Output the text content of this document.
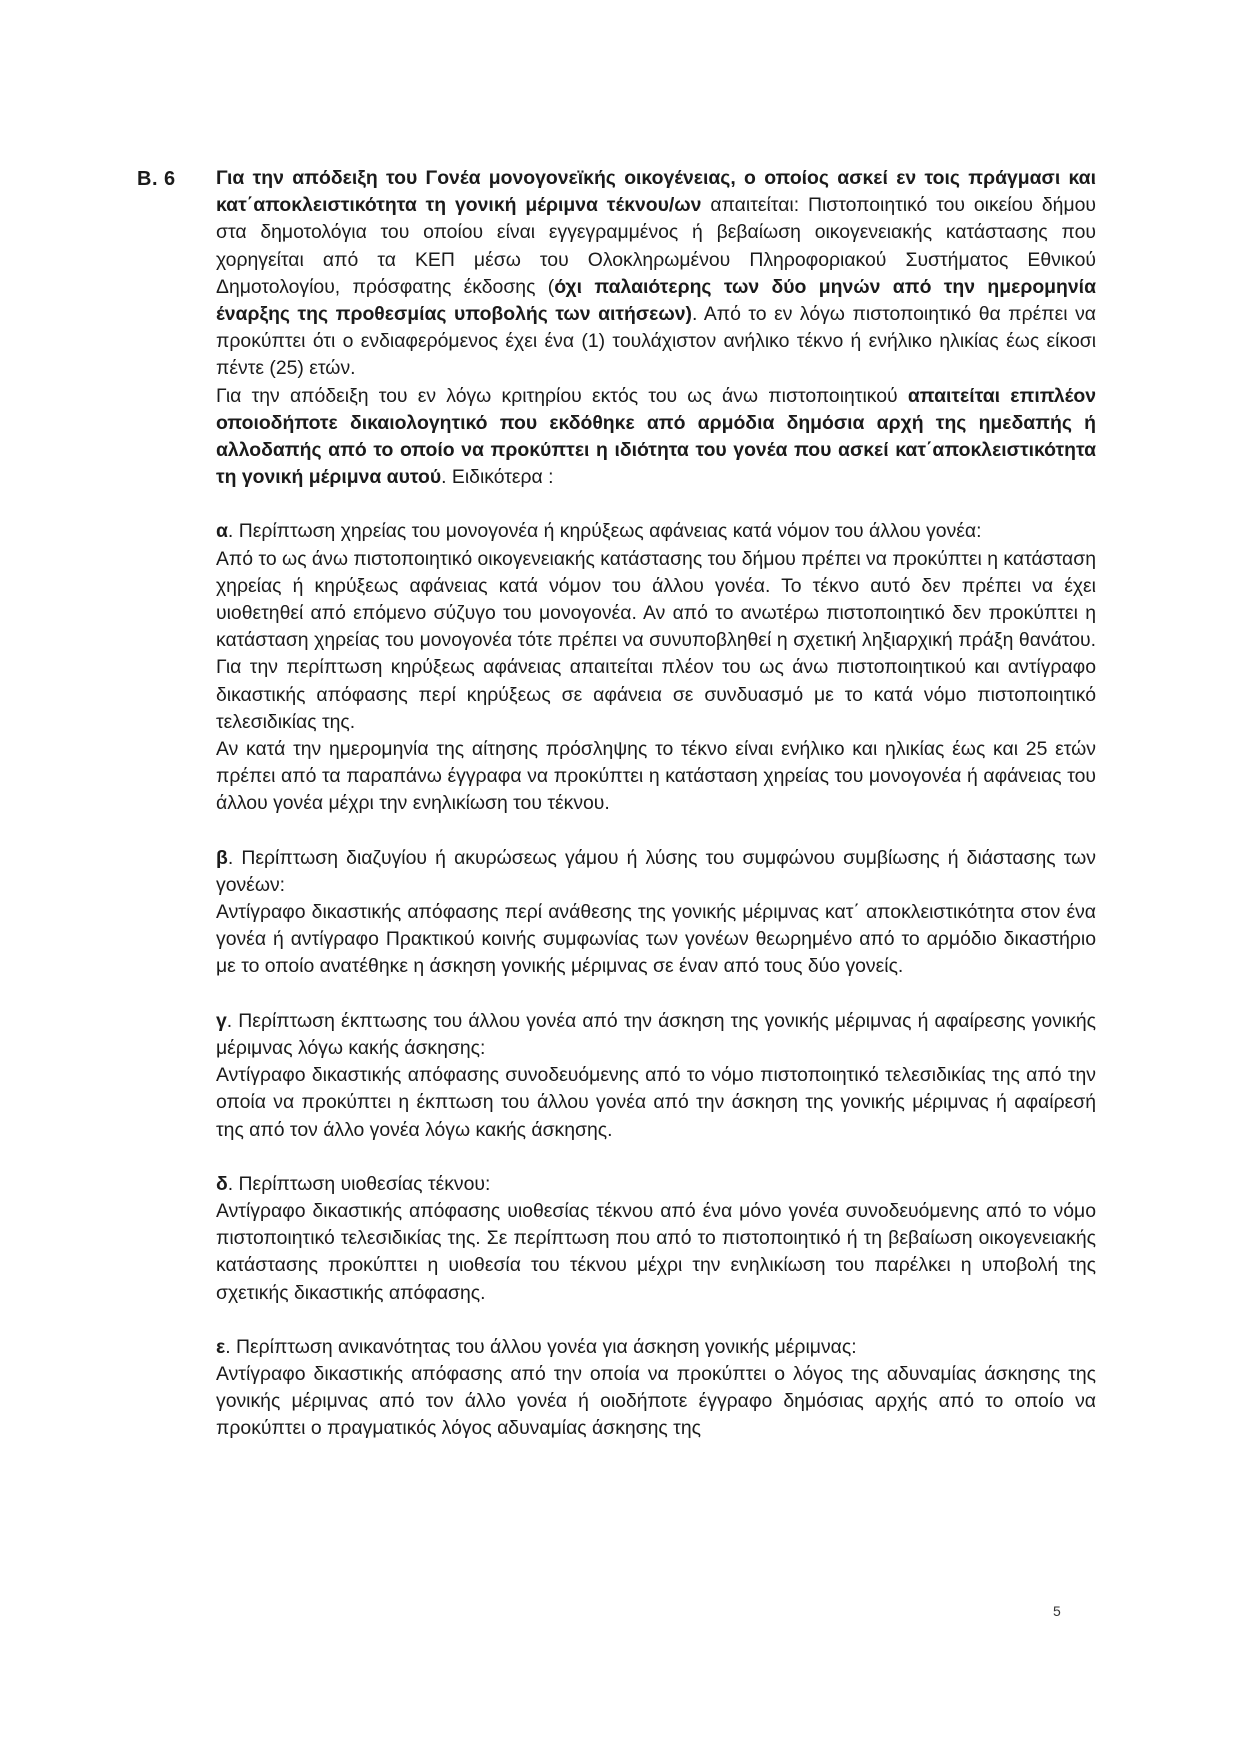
B. 6 Για την απόδειξη του Γονέα μονογονεϊκής οικογένειας, ο οποίος ασκεί εν τοις πράγμασι και κατ΄αποκλειστικότητα τη γονική μέριμνα τέκνου/ων απαιτείται: Πιστοποιητικό του οικείου δήμου στα δημοτολόγια του οποίου είναι εγγεγραμμένος ή βεβαίωση οικογενειακής κατάστασης που χορηγείται από τα ΚΕΠ μέσω του Ολοκληρωμένου Πληροφοριακού Συστήματος Εθνικού Δημοτολογίου, πρόσφατης έκδοσης (όχι παλαιότερης των δύο μηνών από την ημερομηνία έναρξης της προθεσμίας υποβολής των αιτήσεων). Από το εν λόγω πιστοποιητικό θα πρέπει να προκύπτει ότι ο ενδιαφερόμενος έχει ένα (1) τουλάχιστον ανήλικο τέκνο ή ενήλικο ηλικίας έως είκοσι πέντε (25) ετών.

Για την απόδειξη του εν λόγω κριτηρίου εκτός του ως άνω πιστοποιητικού απαιτείται επιπλέον οποιοδήποτε δικαιολογητικό που εκδόθηκε από αρμόδια δημόσια αρχή της ημεδαπής ή αλλοδαπής από το οποίο να προκύπτει η ιδιότητα του γονέα που ασκεί κατ΄αποκλειστικότητα τη γονική μέριμνα αυτού. Ειδικότερα :

α. Περίπτωση χηρείας του μονογονέα ή κηρύξεως αφάνειας κατά νόμον του άλλου γονέα:

Από το ως άνω πιστοποιητικό οικογενειακής κατάστασης του δήμου πρέπει να προκύπτει η κατάσταση χηρείας ή κηρύξεως αφάνειας κατά νόμον του άλλου γονέα. Το τέκνο αυτό δεν πρέπει να έχει υιοθετηθεί από επόμενο σύζυγο του μονογονέα. Αν από το ανωτέρω πιστοποιητικό δεν προκύπτει η κατάσταση χηρείας του μονογονέα τότε πρέπει να συνυποβληθεί η σχετική ληξιαρχική πράξη θανάτου. Για την περίπτωση κηρύξεως αφάνειας απαιτείται πλέον του ως άνω πιστοποιητικού και αντίγραφο δικαστικής απόφασης περί κηρύξεως σε αφάνεια σε συνδυασμό με το κατά νόμο πιστοποιητικό τελεσιδικίας της.

Αν κατά την ημερομηνία της αίτησης πρόσληψης το τέκνο είναι ενήλικο και ηλικίας έως και 25 ετών πρέπει από τα παραπάνω έγγραφα να προκύπτει η κατάσταση χηρείας του μονογονέα ή αφάνειας του άλλου γονέα μέχρι την ενηλικίωση του τέκνου.

β. Περίπτωση διαζυγίου ή ακυρώσεως γάμου ή λύσης του συμφώνου συμβίωσης ή διάστασης των γονέων:

Αντίγραφο δικαστικής απόφασης περί ανάθεσης της γονικής μέριμνας κατ΄ αποκλειστικότητα στον ένα γονέα ή αντίγραφο Πρακτικού κοινής συμφωνίας των γονέων θεωρημένο από το αρμόδιο δικαστήριο με το οποίο ανατέθηκε η άσκηση γονικής μέριμνας σε έναν από τους δύο γονείς.

γ. Περίπτωση έκπτωσης του άλλου γονέα από την άσκηση της γονικής μέριμνας ή αφαίρεσης γονικής μέριμνας λόγω κακής άσκησης:

Αντίγραφο δικαστικής απόφασης συνοδευόμενης από το νόμο πιστοποιητικό τελεσιδικίας της από την οποία να προκύπτει η έκπτωση του άλλου γονέα από την άσκηση της γονικής μέριμνας ή αφαίρεσή της από τον άλλο γονέα λόγω κακής άσκησης.

δ. Περίπτωση υιοθεσίας τέκνου:

Αντίγραφο δικαστικής απόφασης υιοθεσίας τέκνου από ένα μόνο γονέα συνοδευόμενης από το νόμο πιστοποιητικό τελεσιδικίας της. Σε περίπτωση που από το πιστοποιητικό ή τη βεβαίωση οικογενειακής κατάστασης προκύπτει η υιοθεσία του τέκνου μέχρι την ενηλικίωση του παρέλκει η υποβολή της σχετικής δικαστικής απόφασης.

ε. Περίπτωση ανικανότητας του άλλου γονέα για άσκηση γονικής μέριμνας:

Αντίγραφο δικαστικής απόφασης από την οποία να προκύπτει ο λόγος της αδυναμίας άσκησης της γονικής μέριμνας από τον άλλο γονέα ή οιοδήποτε έγγραφο δημόσιας αρχής από το οποίο να προκύπτει ο πραγματικός λόγος αδυναμίας άσκησης της

5
